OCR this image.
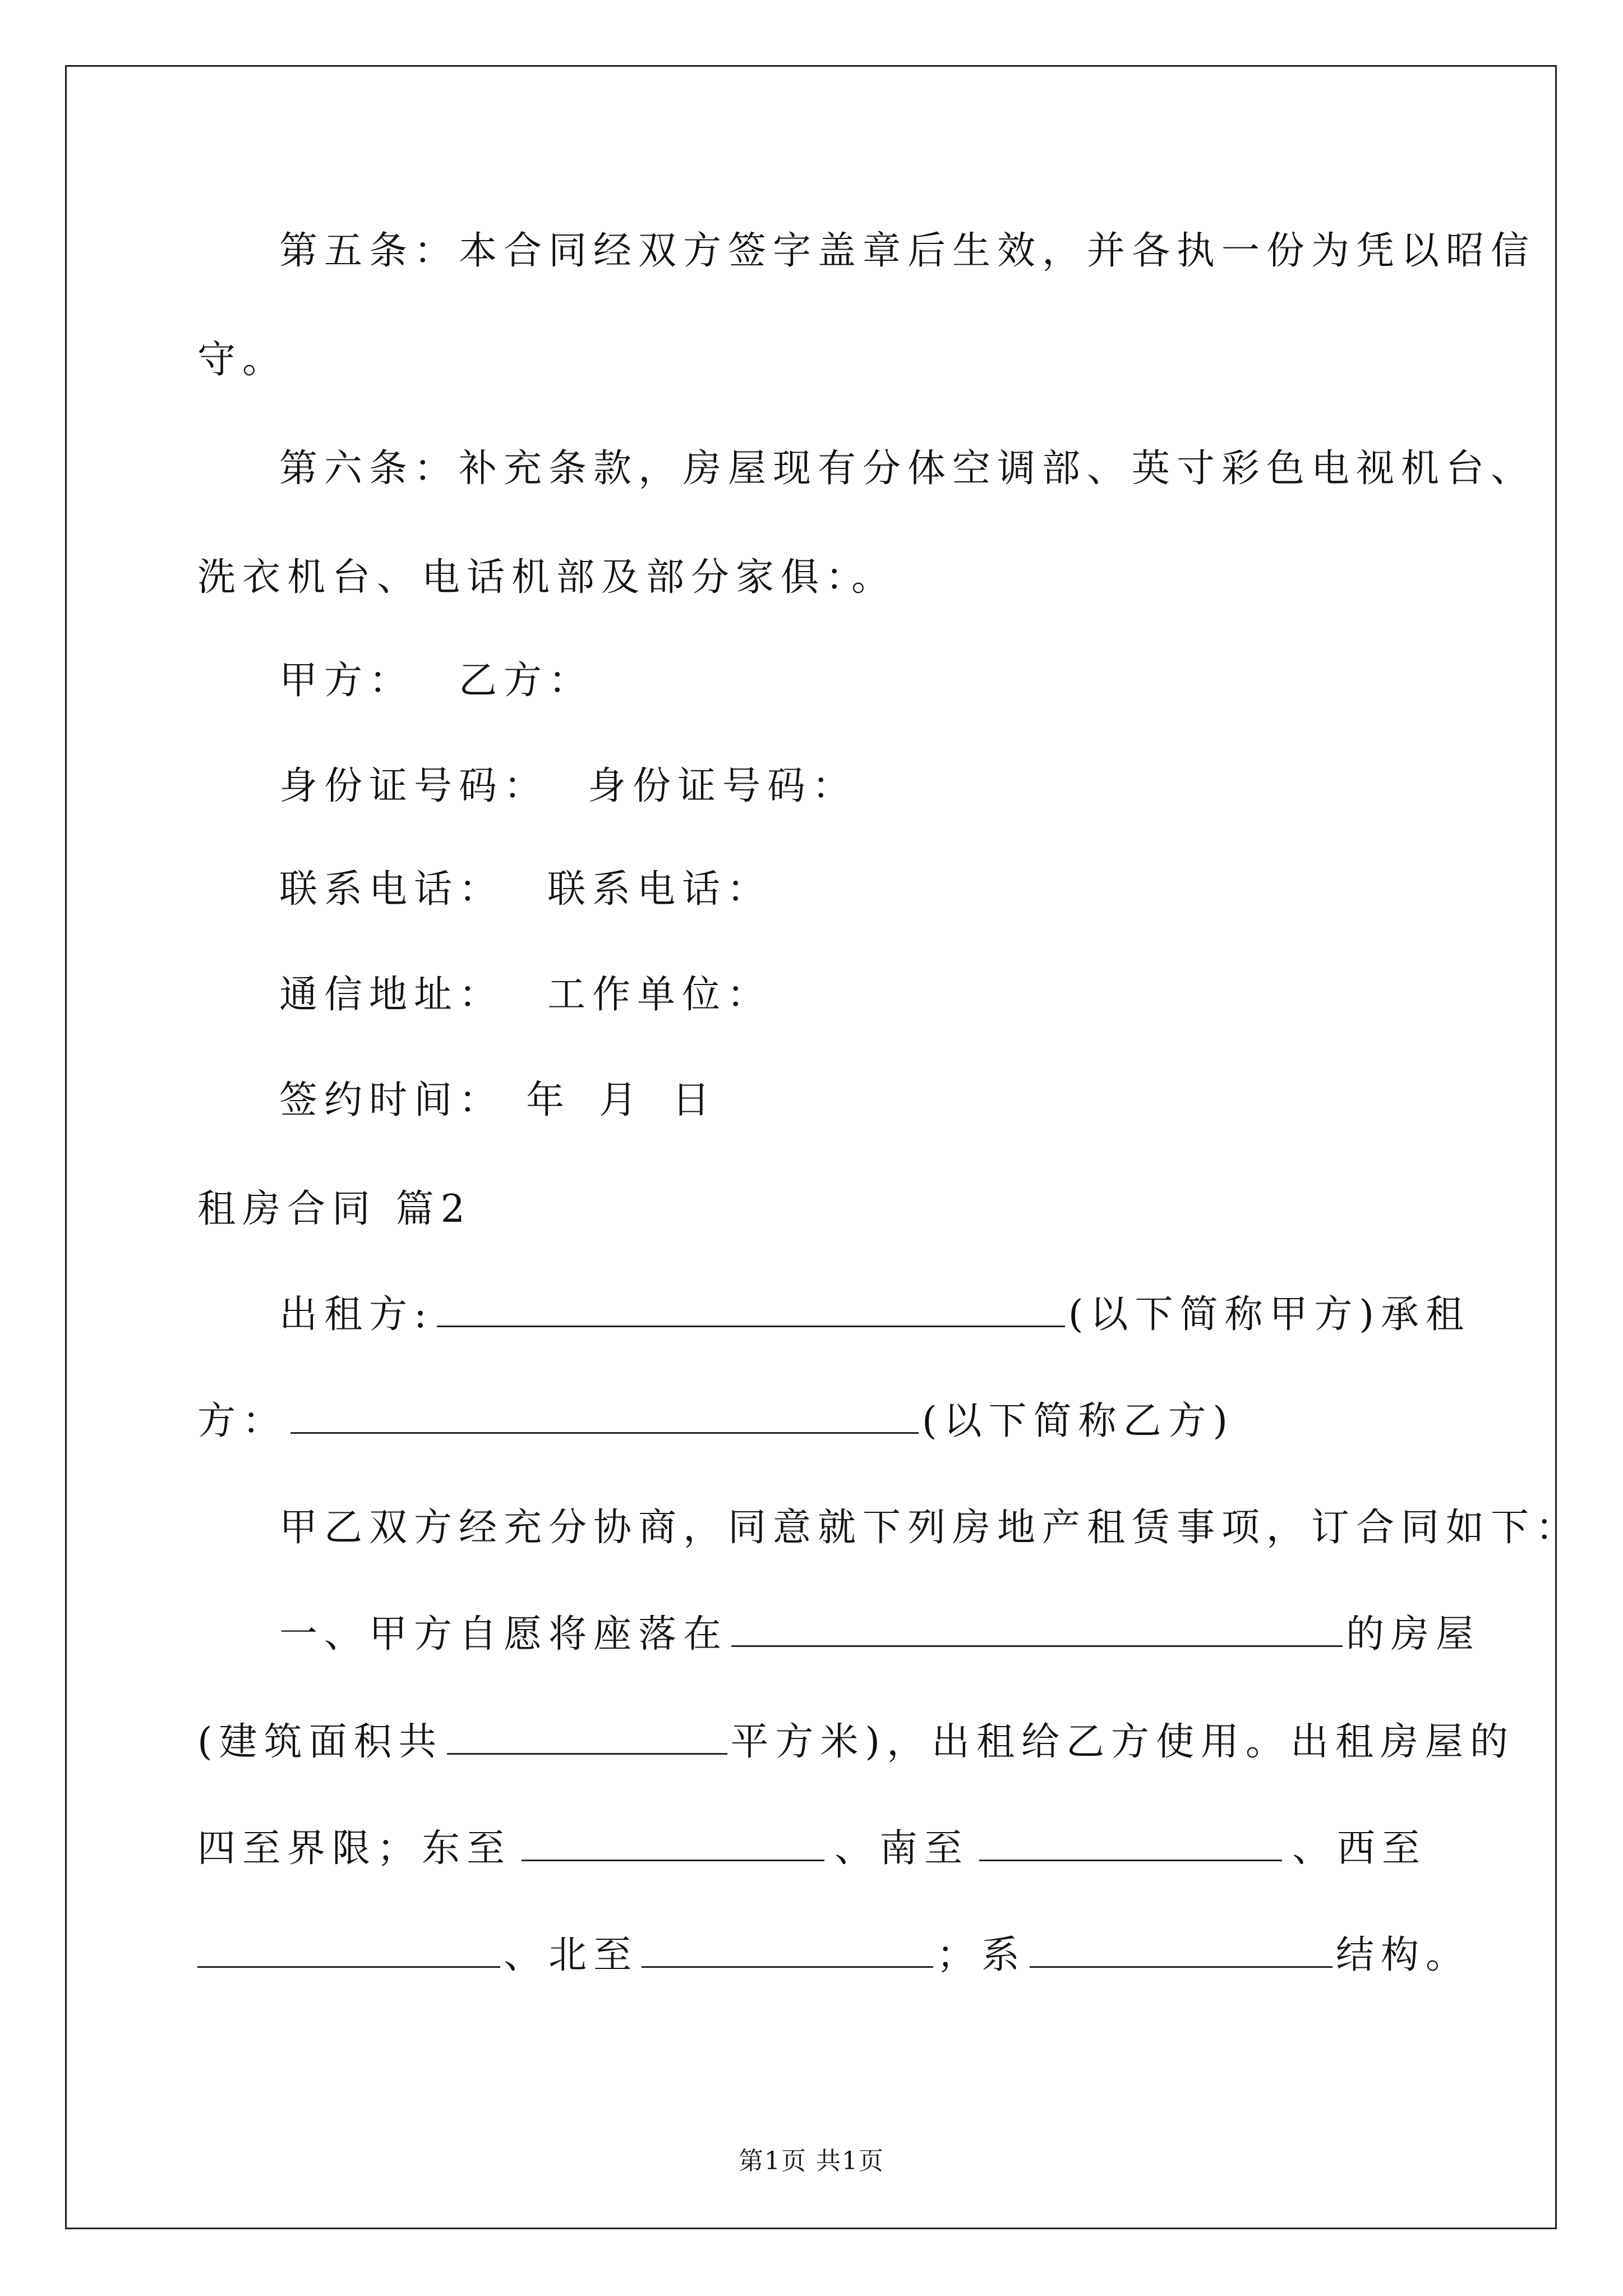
第五条：本合同经双方签字盖章后生效，并各执一份为凭以昭信
守。
第六条：补充条款，房屋现有分体空调部、英寸彩色电视机台、
洗衣机台、电话机部及部分家俱：。
甲方： 乙方：
身份证号码： 身份证号码：
联系电话： 联系电话：
通信地址： 工作单位：
签约时间： 年 月 日
租房合同 篇2
出租方:	(以下简称甲方)承租
方：	(以下简称乙方)
甲乙双方经充分协商，同意就下列房地产租赁事项，订合同如下：
一、甲方自愿将座落在	的房屋
(建筑面积共	平方米)，出租给乙方使用。出租房屋的
四至界限；东至	、南至	、西至
、北至	；系	结构。
第1页 共1页
